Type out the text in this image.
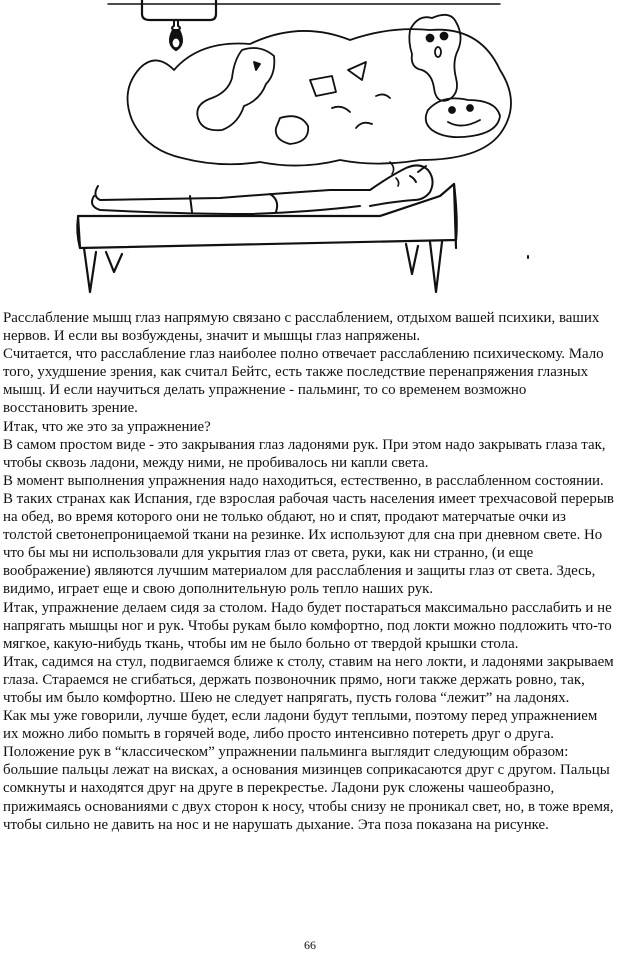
Расслабление мышц глаз напрямую связано с расслаблением, отдыхом вашей психики, ваших нервов. И если вы возбуждены, значит и мышцы глаз напряжены.

Считается, что расслабление глаз наиболее полно отвечает расслаблению психическому. Мало того, ухудшение зрения, как считал Бейтс, есть также последствие перенапряжения глазных мышц. И если научиться делать упражнение - пальминг, то со временем возможно восстановить зрение.

Итак, что же это за упражнение?

В самом простом виде - это закрывания глаз ладонями рук. При этом надо закрывать глаза так, чтобы сквозь ладони, между ними, не пробивалось ни капли света.

В момент выполнения упражнения надо находиться, естественно, в расслабленном состоянии.

В таких странах как Испания, где взрослая рабочая часть населения имеет трехчасовой перерыв на обед, во время которого они не только обдают, но и спят, продают матерчатые очки из толстой светонепроницаемой ткани на резинке. Их используют для сна при дневном свете. Но что бы мы ни использовали для укрытия глаз от света, руки, как ни странно, (и еще воображение) являются лучшим материалом для расслабления и защиты глаз от света. Здесь, видимо, играет еще и свою дополнительную роль тепло наших рук.

Итак, упражнение делаем сидя за столом. Надо будет постараться максимально расслабить и не напрягать мышцы ног и рук. Чтобы рукам было комфортно, под локти можно подложить что-то мягкое, какую-нибудь ткань, чтобы им не было больно от твердой крышки стола.

Итак, садимся на стул, подвигаемся ближе к столу, ставим на него локти, и ладонями закрываем глаза. Стараемся не сгибаться, держать позвоночник прямо, ноги также держать ровно, так, чтобы им было комфортно. Шею не следует напрягать, пусть голова “лежит” на ладонях.

Как мы уже говорили, лучше будет, если ладони будут теплыми, поэтому перед упражнением их можно либо помыть в горячей воде, либо просто интенсивно потереть друг о друга.

Положение рук в “классическом” упражнении пальминга выглядит следующим образом: большие пальцы лежат на висках, а основания мизинцев соприкасаются друг с другом. Пальцы сомкнуты и находятся друг на друге в перекрестье. Ладони рук сложены чашеобразно, прижимаясь основаниями с двух сторон к носу, чтобы снизу не проникал свет, но, в тоже время, чтобы сильно не давить на нос и не нарушать дыхание. Эта поза показана на рисунке.

66
